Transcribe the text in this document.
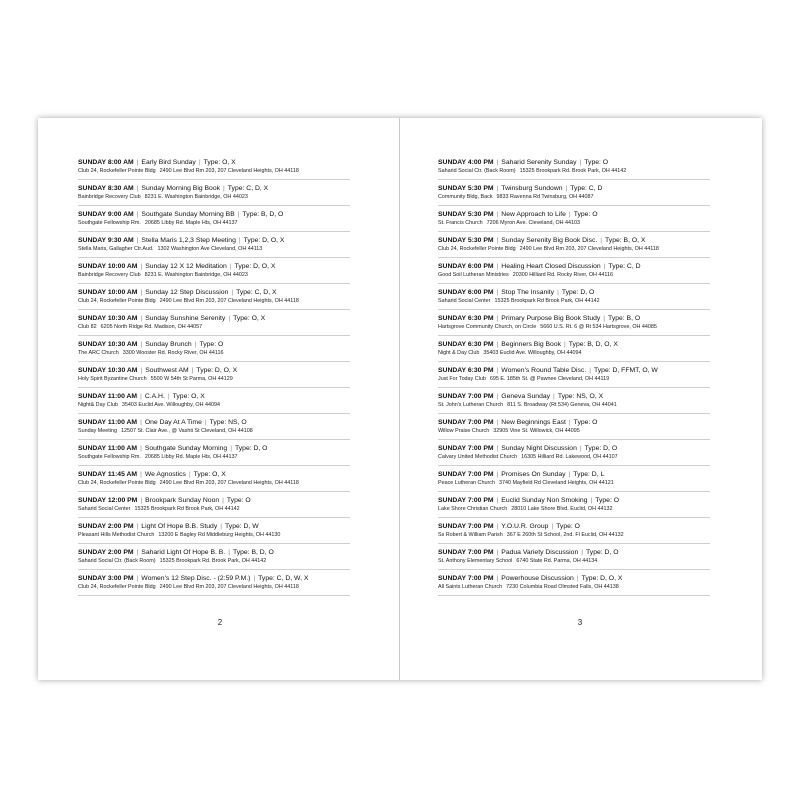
SUNDAY 8:00 AM | Early Bird Sunday | Type: O, X
Club 24, Rockefeller Pointe Bldg 2490 Lee Blvd Rm 203, 207 Cleveland Heights, OH 44118
SUNDAY 8:30 AM | Sunday Morning Big Book | Type: C, D, X
Bainbridge Recovery Club 8231 E. Washington Bainbridge, OH 44023
SUNDAY 9:00 AM | Southgate Sunday Morning BB | Type: B, D, O
Southgate Fellowship Rm. 20685 Libby Rd. Maple Hts, OH 44137
SUNDAY 9:30 AM | Stella Maris 1,2,3 Step Meeting | Type: D, O, X
Stella Maris, Gallagher Ctr.Aud. 1302 Washington Ave Cleveland, OH 44113
SUNDAY 10:00 AM | Sunday 12 X 12 Meditation | Type: D, O, X
Bainbridge Recovery Club 8231 E. Washington Bainbridge, OH 44023
SUNDAY 10:00 AM | Sunday 12 Step Discussion | Type: C, D, X
Club 24, Rockefeller Pointe Bldg 2490 Lee Blvd Rm 203, 207 Cleveland Heights, OH 44118
SUNDAY 10:30 AM | Sunday Sunshine Serenity | Type: O, X
Club 82 6205 North Ridge Rd. Madison, OH 44057
SUNDAY 10:30 AM | Sunday Brunch | Type: O
The ARC Church 3300 Wooster Rd. Rocky River, OH 44116
SUNDAY 10:30 AM | Southwest AM | Type: D, O, X
Holy Spirit Byzantine Church 5500 W 54th St Parma, OH 44129
SUNDAY 11:00 AM | C.A.H. | Type: O, X
Night& Day Club 35403 Euclid Ave. Willoughby, OH 44094
SUNDAY 11:00 AM | One Day At A Time | Type: NS, O
Sunday Meeting 12507 St. Clair Ave., @ Vashti St Cleveland, OH 44108
SUNDAY 11:00 AM | Southgate Sunday Morning | Type: D, O
Southgate Fellowship Rm. 20685 Libby Rd. Maple Hts, OH 44137
SUNDAY 11:45 AM | We Agnostics | Type: O, X
Club 24, Rockefeller Pointe Bldg 2490 Lee Blvd Rm 203, 207 Cleveland Heights, OH 44118
SUNDAY 12:00 PM | Brookpark Sunday Noon | Type: O
Saharid Social Center 15325 Brookpark Rd Brook Park, OH 44142
SUNDAY 2:00 PM | Light Of Hope B.B. Study | Type: D, W
Pleasant Hills Methodist Church 13200 E Bagley Rd Middleburg Heights, OH 44130
SUNDAY 2:00 PM | Saharid Light Of Hope B. B. | Type: B, D, O
Saharid Social Ctr. (Back Room) 15325 Brookpark Rd. Brook Park, OH 44142
SUNDAY 3:00 PM | Women's 12 Step Disc. - (2:59 P.M.) | Type: C, D, W, X
Club 24, Rockefeller Pointe Bldg 2490 Lee Blvd Rm 203, 207 Cleveland Heights, OH 44118
2
SUNDAY 4:00 PM | Saharid Serenity Sunday | Type: O
Saharid Social Ctr. (Back Room) 15325 Brookpark Rd. Brook Park, OH 44142
SUNDAY 5:30 PM | Twinsburg Sundown | Type: C, D
Community Bldg, Back 9833 Ravenna Rd Twinsburg, OH 44087
SUNDAY 5:30 PM | New Approach to Life | Type: O
St. Francis Church 7206 Myron Ave. Cleveland, OH 44103
SUNDAY 5:30 PM | Sunday Serenity Big Book Disc. | Type: B, O, X
Club 24, Rockefeller Pointe Bldg 2490 Lee Blvd Rm 203, 207 Cleveland Heights, OH 44118
SUNDAY 6:00 PM | Healing Heart Closed Discussion | Type: C, D
Good Soil Lutheran Ministries 20300 Hilliard Rd. Rocky River, OH 44116
SUNDAY 6:00 PM | Stop The Insanity | Type: D, O
Saharid Social Center 15325 Brookpark Rd Brook Park, OH 44142
SUNDAY 6:30 PM | Primary Purpose Big Book Study | Type: B, O
Hartsgrove Community Church, on Circle 5660 U.S. Rt. 6 @ Rt 534 Hartsgrove, OH 44085
SUNDAY 6:30 PM | Beginners Big Book | Type: B, D, O, X
Night & Day Club 35403 Euclid Ave. Willoughby, OH 44094
SUNDAY 6:30 PM | Women's Round Table Disc. | Type: D, FFMT, O, W
Just For Today Club 695 E. 185th St. @ Pawnee Cleveland, OH 44119
SUNDAY 7:00 PM | Geneva Sunday | Type: NS, O, X
St. John's Lutheran Church 811 S. Broadway (Rt 534) Geneva, OH 44041
SUNDAY 7:00 PM | New Beginnings East | Type: O
Willow Praise Church 32905 Vine St. Willowick, OH 44095
SUNDAY 7:00 PM | Sunday Night Discussion | Type: D, O
Calvary United Methodist Church 16305 Hilliard Rd. Lakewood, OH 44107
SUNDAY 7:00 PM | Promises On Sunday | Type: D, L
Peace Lutheran Church 3740 Mayfield Rd Cleveland Heights, OH 44121
SUNDAY 7:00 PM | Euclid Sunday Non Smoking | Type: O
Lake Shore Christian Church 28010 Lake Shore Blvd. Euclid, OH 44132
SUNDAY 7:00 PM | Y.O.U.R. Group | Type: O
Ss Robert & William Parish 367 E 260th St School, 2nd. Fl Euclid, OH 44132
SUNDAY 7:00 PM | Padua Variety Discussion | Type: D, O
St. Anthony Elementary School 6740 State Rd. Parma, OH 44134
SUNDAY 7:00 PM | Powerhouse Discussion | Type: D, O, X
All Saints Lutheran Church 7230 Columbia Road Olmsted Falls, OH 44138
3
